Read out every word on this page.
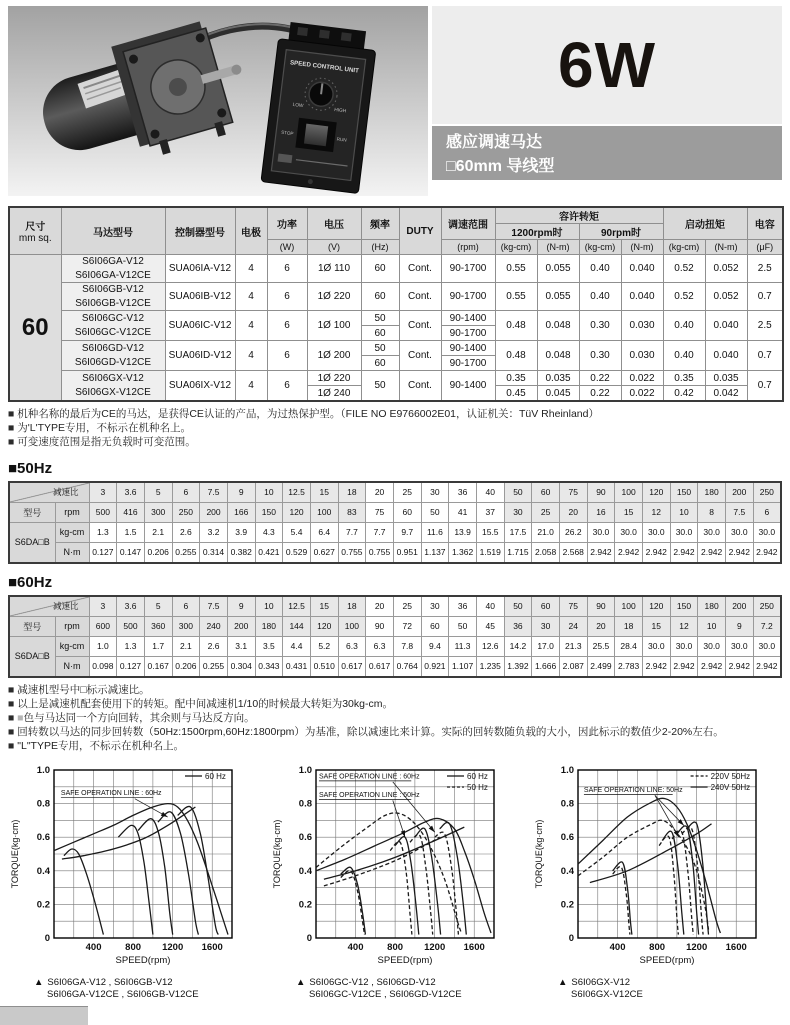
SPEED CONTROL UNIT
LOW
HIGH
STOP
RUN
6W
感应调速马达
□60mm 导线型
尺寸
mm sq.	马达型号	控制器型号	电极	功率	电压	频率	DUTY	调速范围	容许转矩				启动扭矩		电容
									1200rpm时		90rpm时				
				(W)	(V)	(Hz)		(rpm)	(kg-cm)	(N-m)	(kg-cm)	(N-m)	(kg-cm)	(N-m)	(μF)
60	S6I06GA-V12
S6I06GA-V12CE	SUA06IA-V12	4	6	1Ø 110	60	Cont.	90-1700	0.55	0.055	0.40	0.040	0.52	0.052	2.5

	S6I06GB-V12
S6I06GB-V12CE	SUA06IB-V12	4	6	1Ø 220	60	Cont.	90-1700	0.55	0.055	0.40	0.040	0.52	0.052	0.7

	S6I06GC-V12
S6I06GC-V12CE	SUA06IC-V12	4	6	1Ø 100	50	Cont.	90-1400	0.48	0.048	0.30	0.030	0.40	0.040	2.5
						60		90-1700							

	S6I06GD-V12
S6I06GD-V12CE	SUA06ID-V12	4	6	1Ø 200	50	Cont.	90-1400	0.48	0.048	0.30	0.030	0.40	0.040	0.7
						60		90-1700							

	S6I06GX-V12
S6I06GX-V12CE	SUA06IX-V12	4	6	1Ø 220	50	Cont.	90-1400	0.35	0.035	0.22	0.022	0.35	0.035	0.7
					1Ø 240				0.45	0.045	0.22	0.022	0.42	0.042	
■ 机种名称的最后为CE的马达，是获得CE认证的产品，为过热保护型。（FILE NO E9766002E01，认证机关：TüV Rheinland）
■ 为'L'TYPE专用，不标示在机种名上。
■ 可变速度范围是指无负载时可变范围。
■50Hz
减速比		3	3.6	5	6	7.5	9	10	12.5	15	18	20	25	30	36	40	50	60	75	90	100	120	150	180	200	250
型号	rpm	500	416	300	250	200	166	150	120	100	83	75	60	50	41	37	30	25	20	16	15	12	10	8	7.5	6
S6DA□B	kg-cm	1.3	1.5	2.1	2.6	3.2	3.9	4.3	5.4	6.4	7.7	7.7	9.7	11.6	13.9	15.5	17.5	21.0	26.2	30.0	30.0	30.0	30.0	30.0	30.0	30.0
	N·m	0.127	0.147	0.206	0.255	0.314	0.382	0.421	0.529	0.627	0.755	0.755	0.951	1.137	1.362	1.519	1.715	2.058	2.568	2.942	2.942	2.942	2.942	2.942	2.942	2.942
■60Hz
减速比		3	3.6	5	6	7.5	9	10	12.5	15	18	20	25	30	36	40	50	60	75	90	100	120	150	180	200	250
型号	rpm	600	500	360	300	240	200	180	144	120	100	90	72	60	50	45	36	30	24	20	18	15	12	10	9	7.2
S6DA□B	kg-cm	1.0	1.3	1.7	2.1	2.6	3.1	3.5	4.4	5.2	6.3	6.3	7.8	9.4	11.3	12.6	14.2	17.0	21.3	25.5	28.4	30.0	30.0	30.0	30.0	30.0
	N·m	0.098	0.127	0.167	0.206	0.255	0.304	0.343	0.431	0.510	0.617	0.617	0.764	0.921	1.107	1.235	1.392	1.666	2.087	2.499	2.783	2.942	2.942	2.942	2.942	2.942
■ 减速机型号中□标示减速比。
■ 以上是减速机配套使用下的转矩。配中间减速机1/10的时候最大转矩为30kg-cm。
■ ■色与马达同一个方向回转，其余则与马达反方向。
■ 回转数以马达的同步回转数（50Hz:1500rpm,60Hz:1800rpm）为基准，除以减速比来计算。实际的回转数随负载的大小，因此标示的数值少2-20%左右。
■ "L"TYPE专用，不标示在机种名上。
0
0.2
0.4
0.6
0.8
1.0
400 800 1200 1600
TORQUE(kg·cm)
SPEED(rpm)
60 Hz
SAFE OPERATION LINE : 60Hz
▲ S6I06GA-V12 , S6I06GB-V12
S6I06GA-V12CE , S6I06GB-V12CE
0
0.2
0.4
0.6
0.8
1.0
400 800 1200 1600
TORQUE(kg·cm)
SPEED(rpm)
60 Hz
50 Hz
SAFE OPERATION LINE : 60Hz
SAFE OPERATION LINE : 50Hz
▲ S6I06GC-V12 , S6I06GD-V12
S6I06GC-V12CE , S6I06GD-V12CE
0
0.2
0.4
0.6
0.8
1.0
400 800 1200 1600
TORQUE(kg·cm)
SPEED(rpm)
220V 50Hz
240V 50Hz
SAFE OPERATION LINE: 50Hz
▲ S6I06GX-V12
S6I06GX-V12CE
